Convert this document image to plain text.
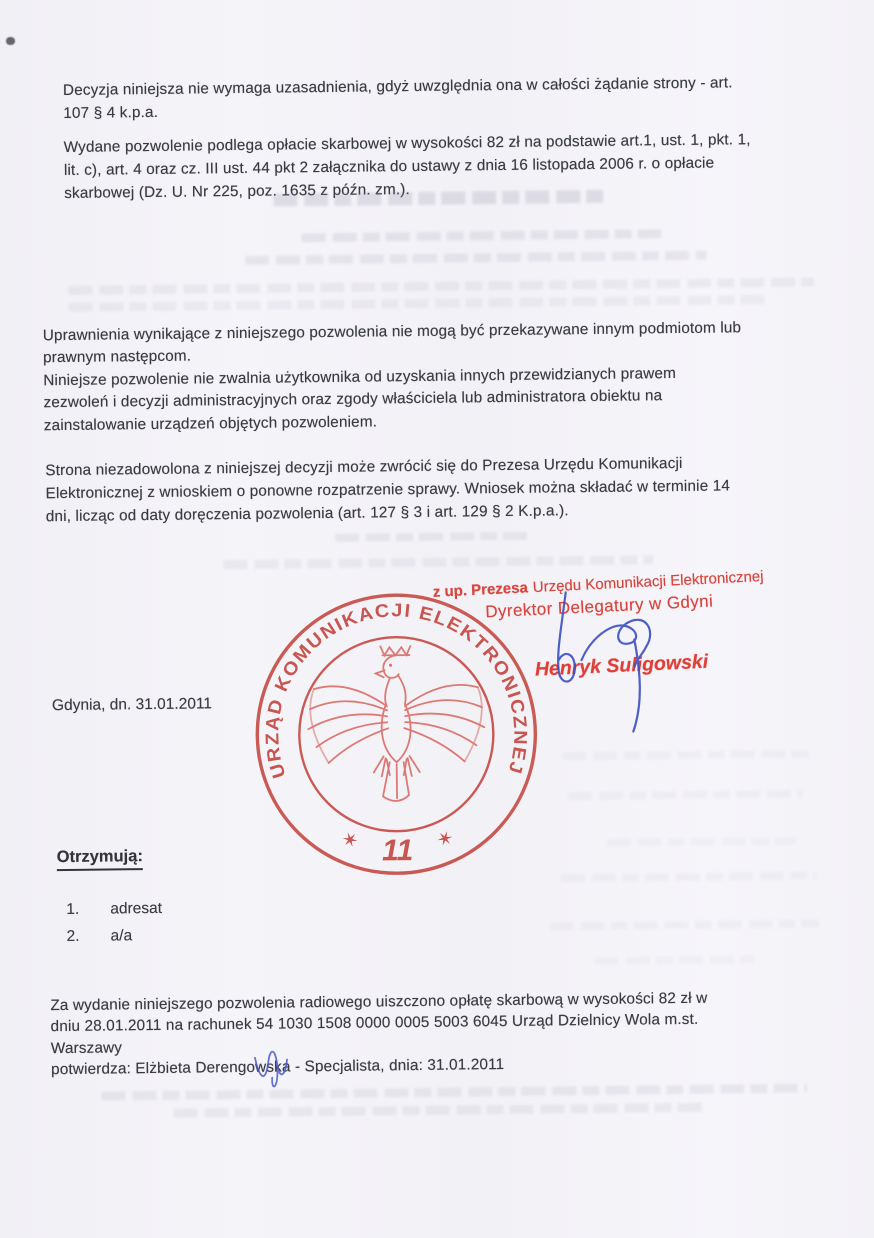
Decyzja niniejsza nie wymaga uzasadnienia, gdyż uwzględnia ona w całości żądanie strony - art.
107 § 4 k.p.a.
Wydane pozwolenie podlega opłacie skarbowej w wysokości 82 zł na podstawie art.1, ust. 1, pkt. 1,
lit. c), art. 4 oraz cz. III ust. 44 pkt 2 załącznika do ustawy z dnia 16 listopada 2006 r. o opłacie
skarbowej (Dz. U. Nr 225, poz. 1635 z późn. zm.).
Uprawnienia wynikające z niniejszego pozwolenia nie mogą być przekazywane innym podmiotom lub
prawnym następcom.
Niniejsze pozwolenie nie zwalnia użytkownika od uzyskania innych przewidzianych prawem
zezwoleń i decyzji administracyjnych oraz zgody właściciela lub administratora obiektu na
zainstalowanie urządzeń objętych pozwoleniem.
Strona niezadowolona z niniejszej decyzji może zwrócić się do Prezesa Urzędu Komunikacji
Elektronicznej z wnioskiem o ponowne rozpatrzenie sprawy. Wniosek można składać w terminie 14
dni, licząc od daty doręczenia pozwolenia (art. 127 § 3 i art. 129 § 2 K.p.a.).
z up. Prezesa Urzędu Komunikacji Elektronicznej
Dyrektor Delegatury w Gdyni
Henryk Suligowski
URZĄD KOMUNIKACJI ELEKTRONICZNEJ
✶ 11 ✶
Gdynia, dn. 31.01.2011
Otrzymują:
1. adresat
2. a/a
Za wydanie niniejszego pozwolenia radiowego uiszczono opłatę skarbową w wysokości 82 zł w
dniu 28.01.2011 na rachunek 54 1030 1508 0000 0005 5003 6045 Urząd Dzielnicy Wola m.st.
Warszawy
potwierdza: Elżbieta Derengowska - Specjalista, dnia: 31.01.2011
